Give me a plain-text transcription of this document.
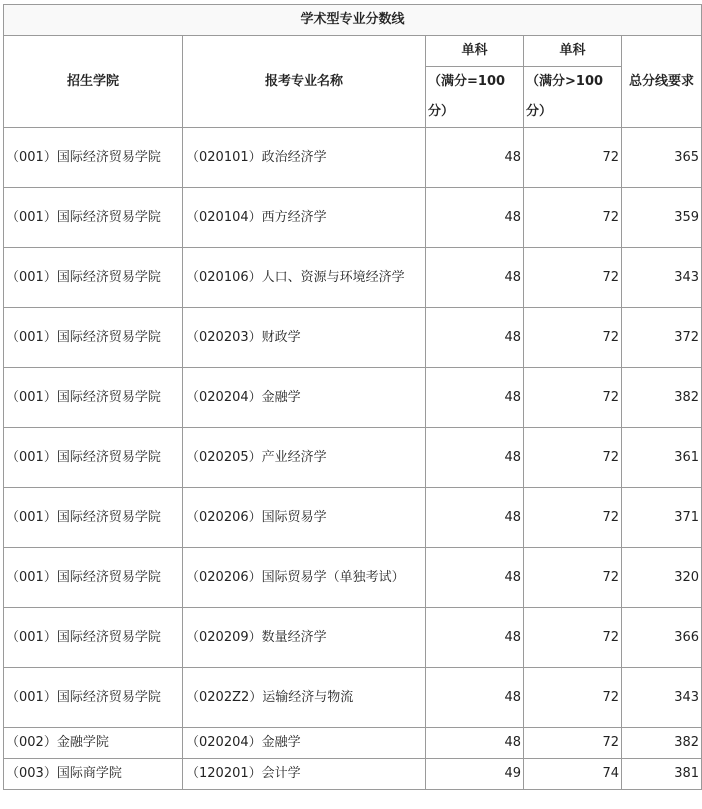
学术型专业分数线				
招生学院	报考专业名称	单科	单科	总分线要求
		（满分=100分）	（满分>100分）	
（001）国际经济贸易学院	（020101）政治经济学	48	72	365
（001）国际经济贸易学院	（020104）西方经济学	48	72	359
（001）国际经济贸易学院	（020106）人口、资源与环境经济学	48	72	343
（001）国际经济贸易学院	（020203）财政学	48	72	372
（001）国际经济贸易学院	（020204）金融学	48	72	382
（001）国际经济贸易学院	（020205）产业经济学	48	72	361
（001）国际经济贸易学院	（020206）国际贸易学	48	72	371
（001）国际经济贸易学院	（020206）国际贸易学（单独考试）	48	72	320
（001）国际经济贸易学院	（020209）数量经济学	48	72	366
（001）国际经济贸易学院	（0202Z2）运输经济与物流	48	72	343
（002）金融学院	（020204）金融学	48	72	382
（003）国际商学院	（120201）会计学	49	74	381
